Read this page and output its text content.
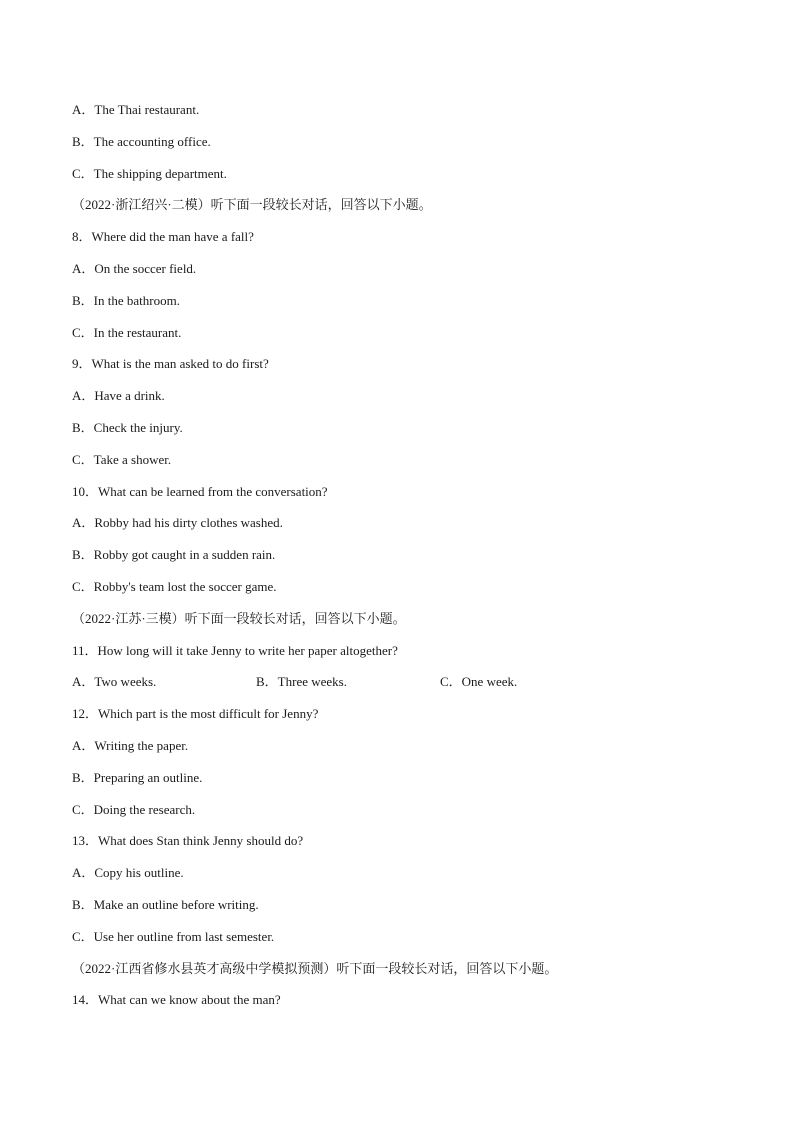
A．The Thai restaurant.
B．The accounting office.
C．The shipping department.
（2022·浙江绍兴·二模）听下面一段较长对话，回答以下小题。
8．Where did the man have a fall?
A．On the soccer field.
B．In the bathroom.
C．In the restaurant.
9．What is the man asked to do first?
A．Have a drink.
B．Check the injury.
C．Take a shower.
10．What can be learned from the conversation?
A．Robby had his dirty clothes washed.
B．Robby got caught in a sudden rain.
C．Robby's team lost the soccer game.
（2022·江苏·三模）听下面一段较长对话，回答以下小题。
11．How long will it take Jenny to write her paper altogether?
A．Two weeks.	B．Three weeks.	C．One week.
12．Which part is the most difficult for Jenny?
A．Writing the paper.
B．Preparing an outline.
C．Doing the research.
13．What does Stan think Jenny should do?
A．Copy his outline.
B．Make an outline before writing.
C．Use her outline from last semester.
（2022·江西省修水县英才高级中学模拟预测）听下面一段较长对话，回答以下小题。
14．What can we know about the man?
